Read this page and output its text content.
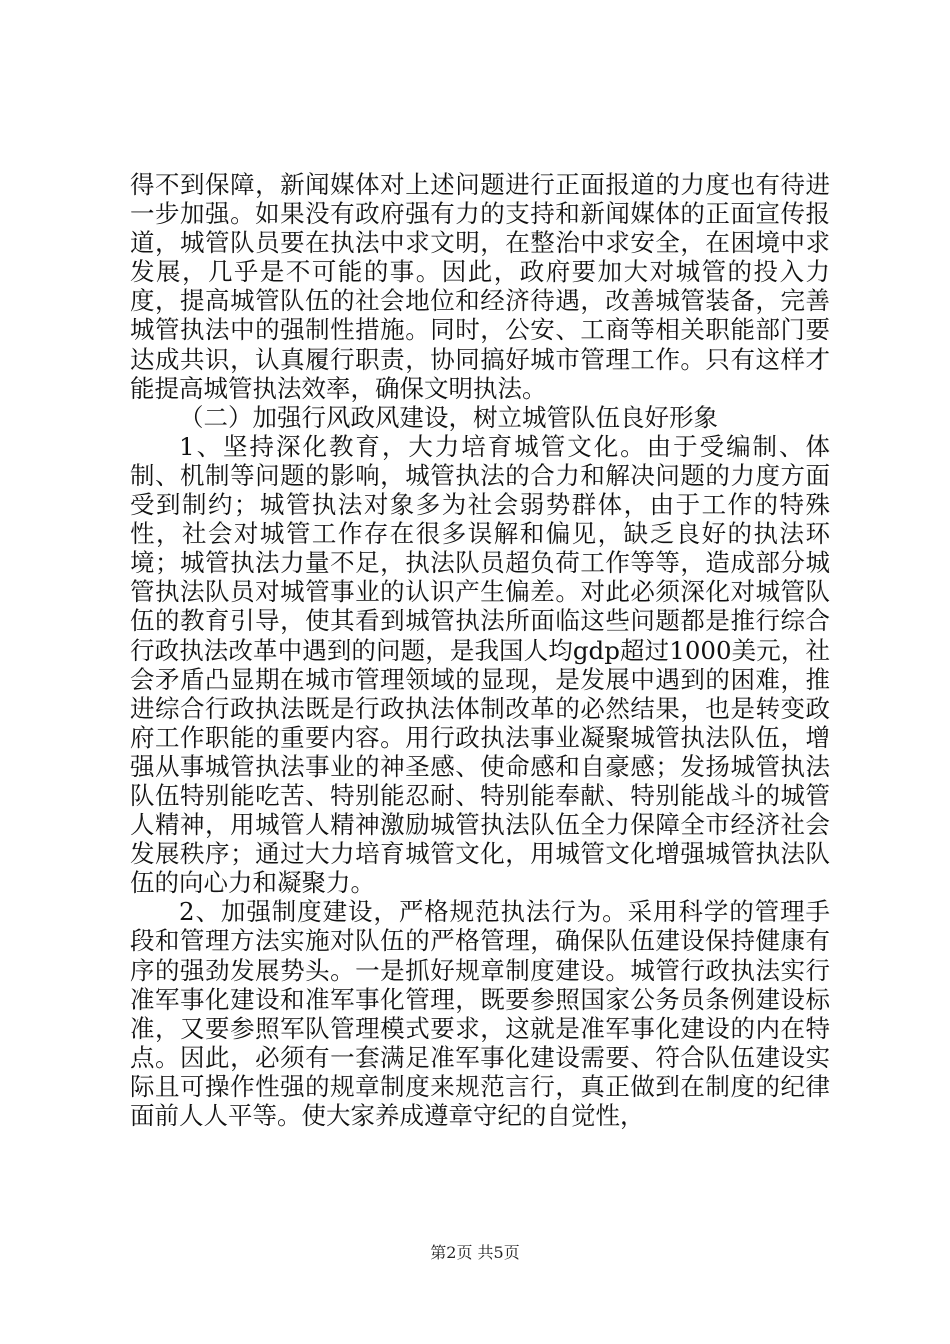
得不到保障，新闻媒体对上述问题进行正面报道的力度也有待进一步加强。如果没有政府强有力的支持和新闻媒体的正面宣传报道，城管队员要在执法中求文明，在整治中求安全，在困境中求发展，几乎是不可能的事。因此，政府要加大对城管的投入力度，提高城管队伍的社会地位和经济待遇，改善城管装备，完善城管执法中的强制性措施。同时，公安、工商等相关职能部门要达成共识，认真履行职责，协同搞好城市管理工作。只有这样才能提高城管执法效率，确保文明执法。

（二）加强行风政风建设，树立城管队伍良好形象

1、坚持深化教育，大力培育城管文化。由于受编制、体制、机制等问题的影响，城管执法的合力和解决问题的力度方面受到制约；城管执法对象多为社会弱势群体，由于工作的特殊性，社会对城管工作存在很多误解和偏见，缺乏良好的执法环境；城管执法力量不足，执法队员超负荷工作等等，造成部分城管执法队员对城管事业的认识产生偏差。对此必须深化对城管队伍的教育引导，使其看到城管执法所面临这些问题都是推行综合行政执法改革中遇到的问题，是我国人均gdp超过1000美元，社会矛盾凸显期在城市管理领域的显现，是发展中遇到的困难，推进综合行政执法既是行政执法体制改革的必然结果，也是转变政府工作职能的重要内容。用行政执法事业凝聚城管执法队伍，增强从事城管执法事业的神圣感、使命感和自豪感；发扬城管执法队伍特别能吃苦、特别能忍耐、特别能奉献、特别能战斗的城管人精神，用城管人精神激励城管执法队伍全力保障全市经济社会发展秩序；通过大力培育城管文化，用城管文化增强城管执法队伍的向心力和凝聚力。

2、加强制度建设，严格规范执法行为。采用科学的管理手段和管理方法实施对队伍的严格管理，确保队伍建设保持健康有序的强劲发展势头。一是抓好规章制度建设。城管行政执法实行准军事化建设和准军事化管理，既要参照国家公务员条例建设标准，又要参照军队管理模式要求，这就是准军事化建设的内在特点。因此，必须有一套满足准军事化建设需要、符合队伍建设实际且可操作性强的规章制度来规范言行，真正做到在制度的纪律面前人人平等。使大家养成遵章守纪的自觉性，

第2页 共5页
